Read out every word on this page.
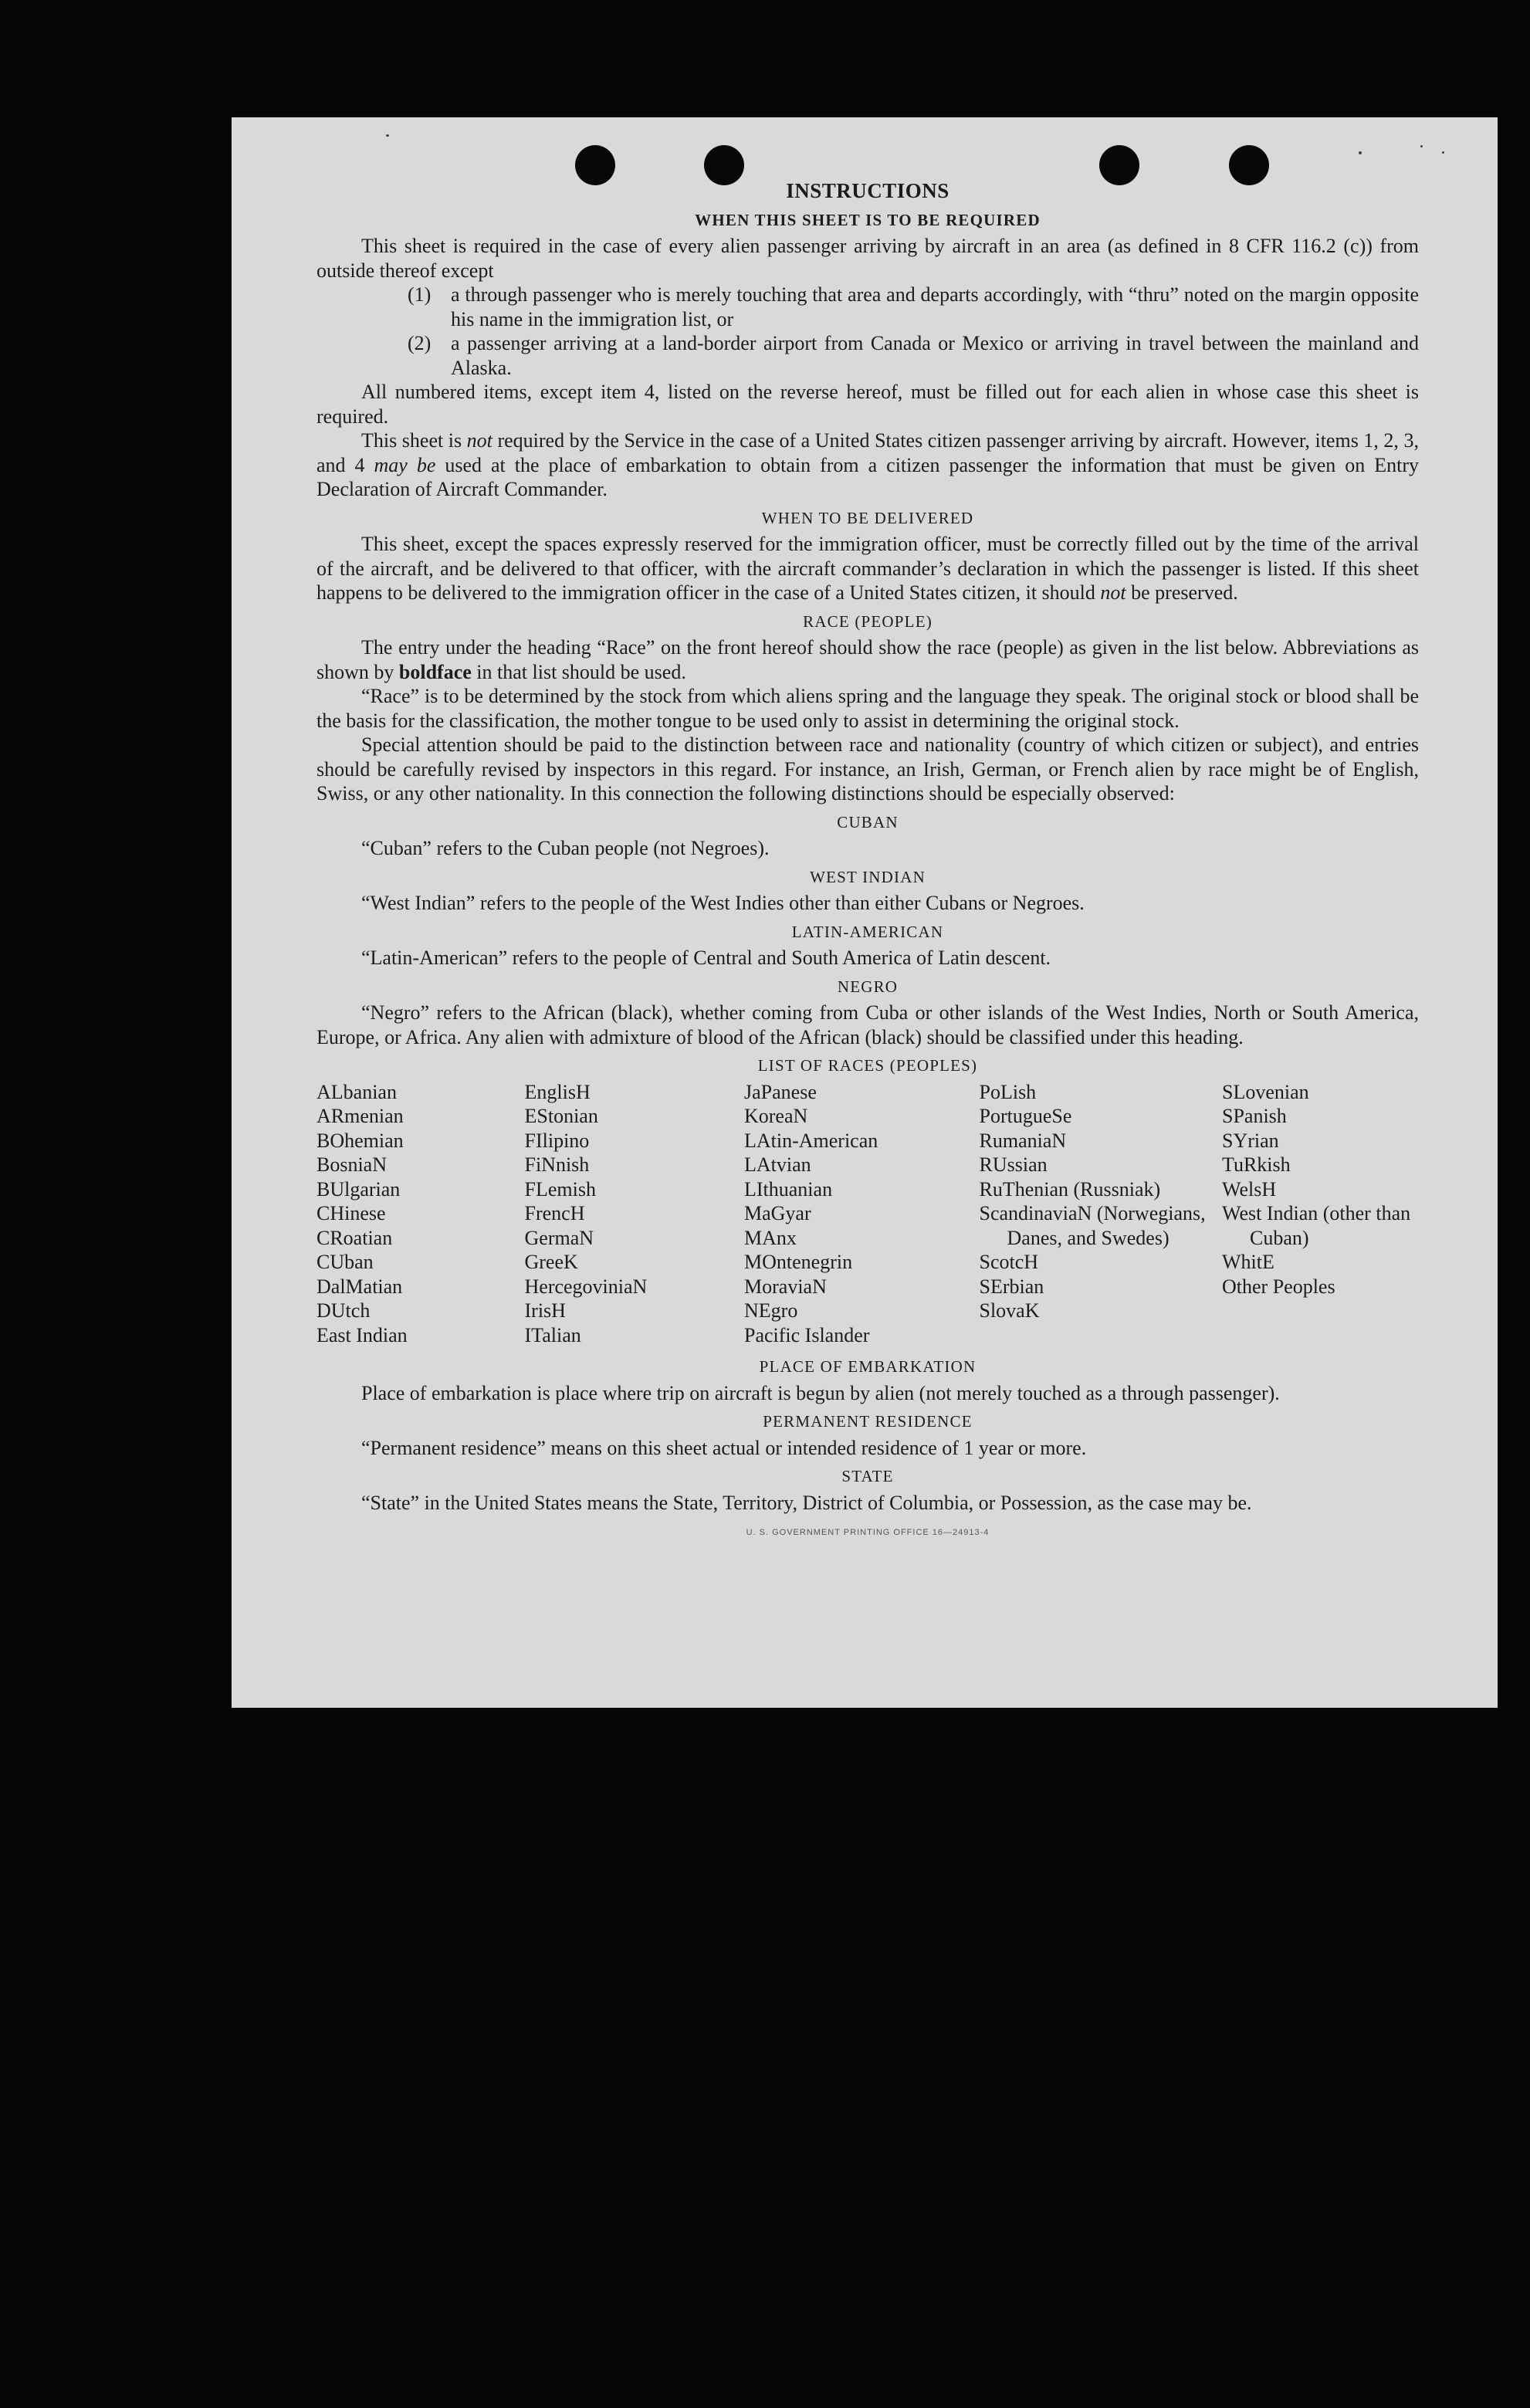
INSTRUCTIONS
WHEN THIS SHEET IS TO BE REQUIRED

This sheet is required in the case of every alien passenger arriving by aircraft in an area (as defined in 8 CFR 116.2 (c)) from outside thereof except

(1) a through passenger who is merely touching that area and departs accordingly, with “thru” noted on the margin opposite his name in the immigration list, or
(2) a passenger arriving at a land-border airport from Canada or Mexico or arriving in travel between the mainland and Alaska.

All numbered items, except item 4, listed on the reverse hereof, must be filled out for each alien in whose case this sheet is required.

This sheet is not required by the Service in the case of a United States citizen passenger arriving by aircraft. However, items 1, 2, 3, and 4 may be used at the place of embarkation to obtain from a citizen passenger the information that must be given on Entry Declaration of Aircraft Commander.

WHEN TO BE DELIVERED

This sheet, except the spaces expressly reserved for the immigration officer, must be correctly filled out by the time of the arrival of the aircraft, and be delivered to that officer, with the aircraft commander’s declaration in which the passenger is listed. If this sheet happens to be delivered to the immigration officer in the case of a United States citizen, it should not be preserved.

RACE (PEOPLE)

The entry under the heading “Race” on the front hereof should show the race (people) as given in the list below. Abbreviations as shown by boldface in that list should be used.

“Race” is to be determined by the stock from which aliens spring and the language they speak. The original stock or blood shall be the basis for the classification, the mother tongue to be used only to assist in determining the original stock.

Special attention should be paid to the distinction between race and nationality (country of which citizen or subject), and entries should be carefully revised by inspectors in this regard. For instance, an Irish, German, or French alien by race might be of English, Swiss, or any other nationality. In this connection the following distinctions should be especially observed:

CUBAN

“Cuban” refers to the Cuban people (not Negroes).

WEST INDIAN

“West Indian” refers to the people of the West Indies other than either Cubans or Negroes.

LATIN-AMERICAN

“Latin-American” refers to the people of Central and South America of Latin descent.

NEGRO

“Negro” refers to the African (black), whether coming from Cuba or other islands of the West Indies, North or South America, Europe, or Africa. Any alien with admixture of blood of the African (black) should be classified under this heading.

LIST OF RACES (PEOPLES)
ALbanian
ARmenian
BOhemian
BosniaN
BUlgarian
CHinese
CRoatian
CUban
DalMatian
DUtch
East Indian
EnglisH
EStonian
FIlipino
FiNnish
FLemish
FrencH
GermaN
GreeK
HercegoviniaN
IrisH
ITalian
JaPanese
KoreaN
LAtin-American
LAtvian
LIthuanian
MaGyar
MAnx
MOntenegrin
MoraviaN
NEgro
Pacific Islander
PoLish
PortugueSe
RumaniaN
RUssian
RuThenian (Russniak)
ScandinaviaN (Norwegians, Danes, and Swedes)
ScotcH
SErbian
SlovaK
SLovenian
SPanish
SYrian
TuRkish
WelsH
West Indian (other than Cuban)
WhitE
Other Peoples
PLACE OF EMBARKATION

Place of embarkation is place where trip on aircraft is begun by alien (not merely touched as a through passenger).

PERMANENT RESIDENCE

“Permanent residence” means on this sheet actual or intended residence of 1 year or more.

STATE

“State” in the United States means the State, Territory, District of Columbia, or Possession, as the case may be.

U. S. GOVERNMENT PRINTING OFFICE 16—24913-4
